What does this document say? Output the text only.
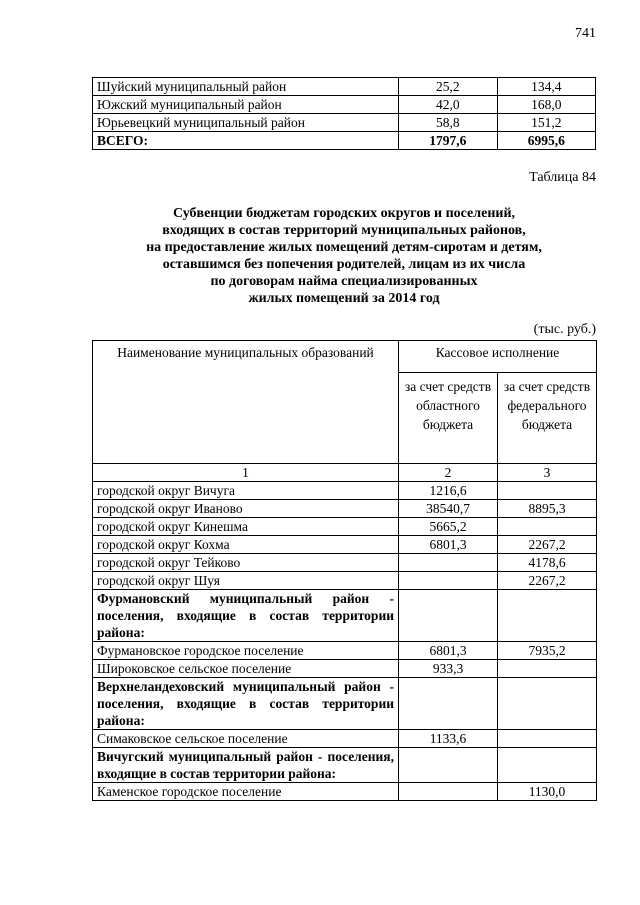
741
Шуйский муниципальный район	25,2	134,4
Южский муниципальный район	42,0	168,0
Юрьевецкий муниципальный район	58,8	151,2
ВСЕГО:	1797,6	6995,6
Таблица 84
Субвенции бюджетам городских округов и поселений,
входящих в состав территорий муниципальных районов,
на предоставление жилых помещений детям-сиротам и детям,
оставшимся без попечения родителей, лицам из их числа
по договорам найма специализированных
жилых помещений за 2014 год
(тыс. руб.)
Наименование муниципальных образований	Кассовое исполнение	
	за счет средств областного бюджета	за счет средств федерального бюджета
1	2	3
городской округ Вичуга	1216,6	
городской округ Иваново	38540,7	8895,3
городской округ Кинешма	5665,2	
городской округ Кохма	6801,3	2267,2
городской округ Тейково		4178,6
городской округ Шуя		2267,2
Фурмановский муниципальный район - поселения, входящие в состав территории района:		
Фурмановское городское поселение	6801,3	7935,2
Широковское сельское поселение	933,3	
Верхнеландеховский муниципальный район - поселения, входящие в состав территории района:		
Симаковское сельское поселение	1133,6	
Вичугский муниципальный район - поселения, входящие в состав территории района:		
Каменское городское поселение		1130,0
